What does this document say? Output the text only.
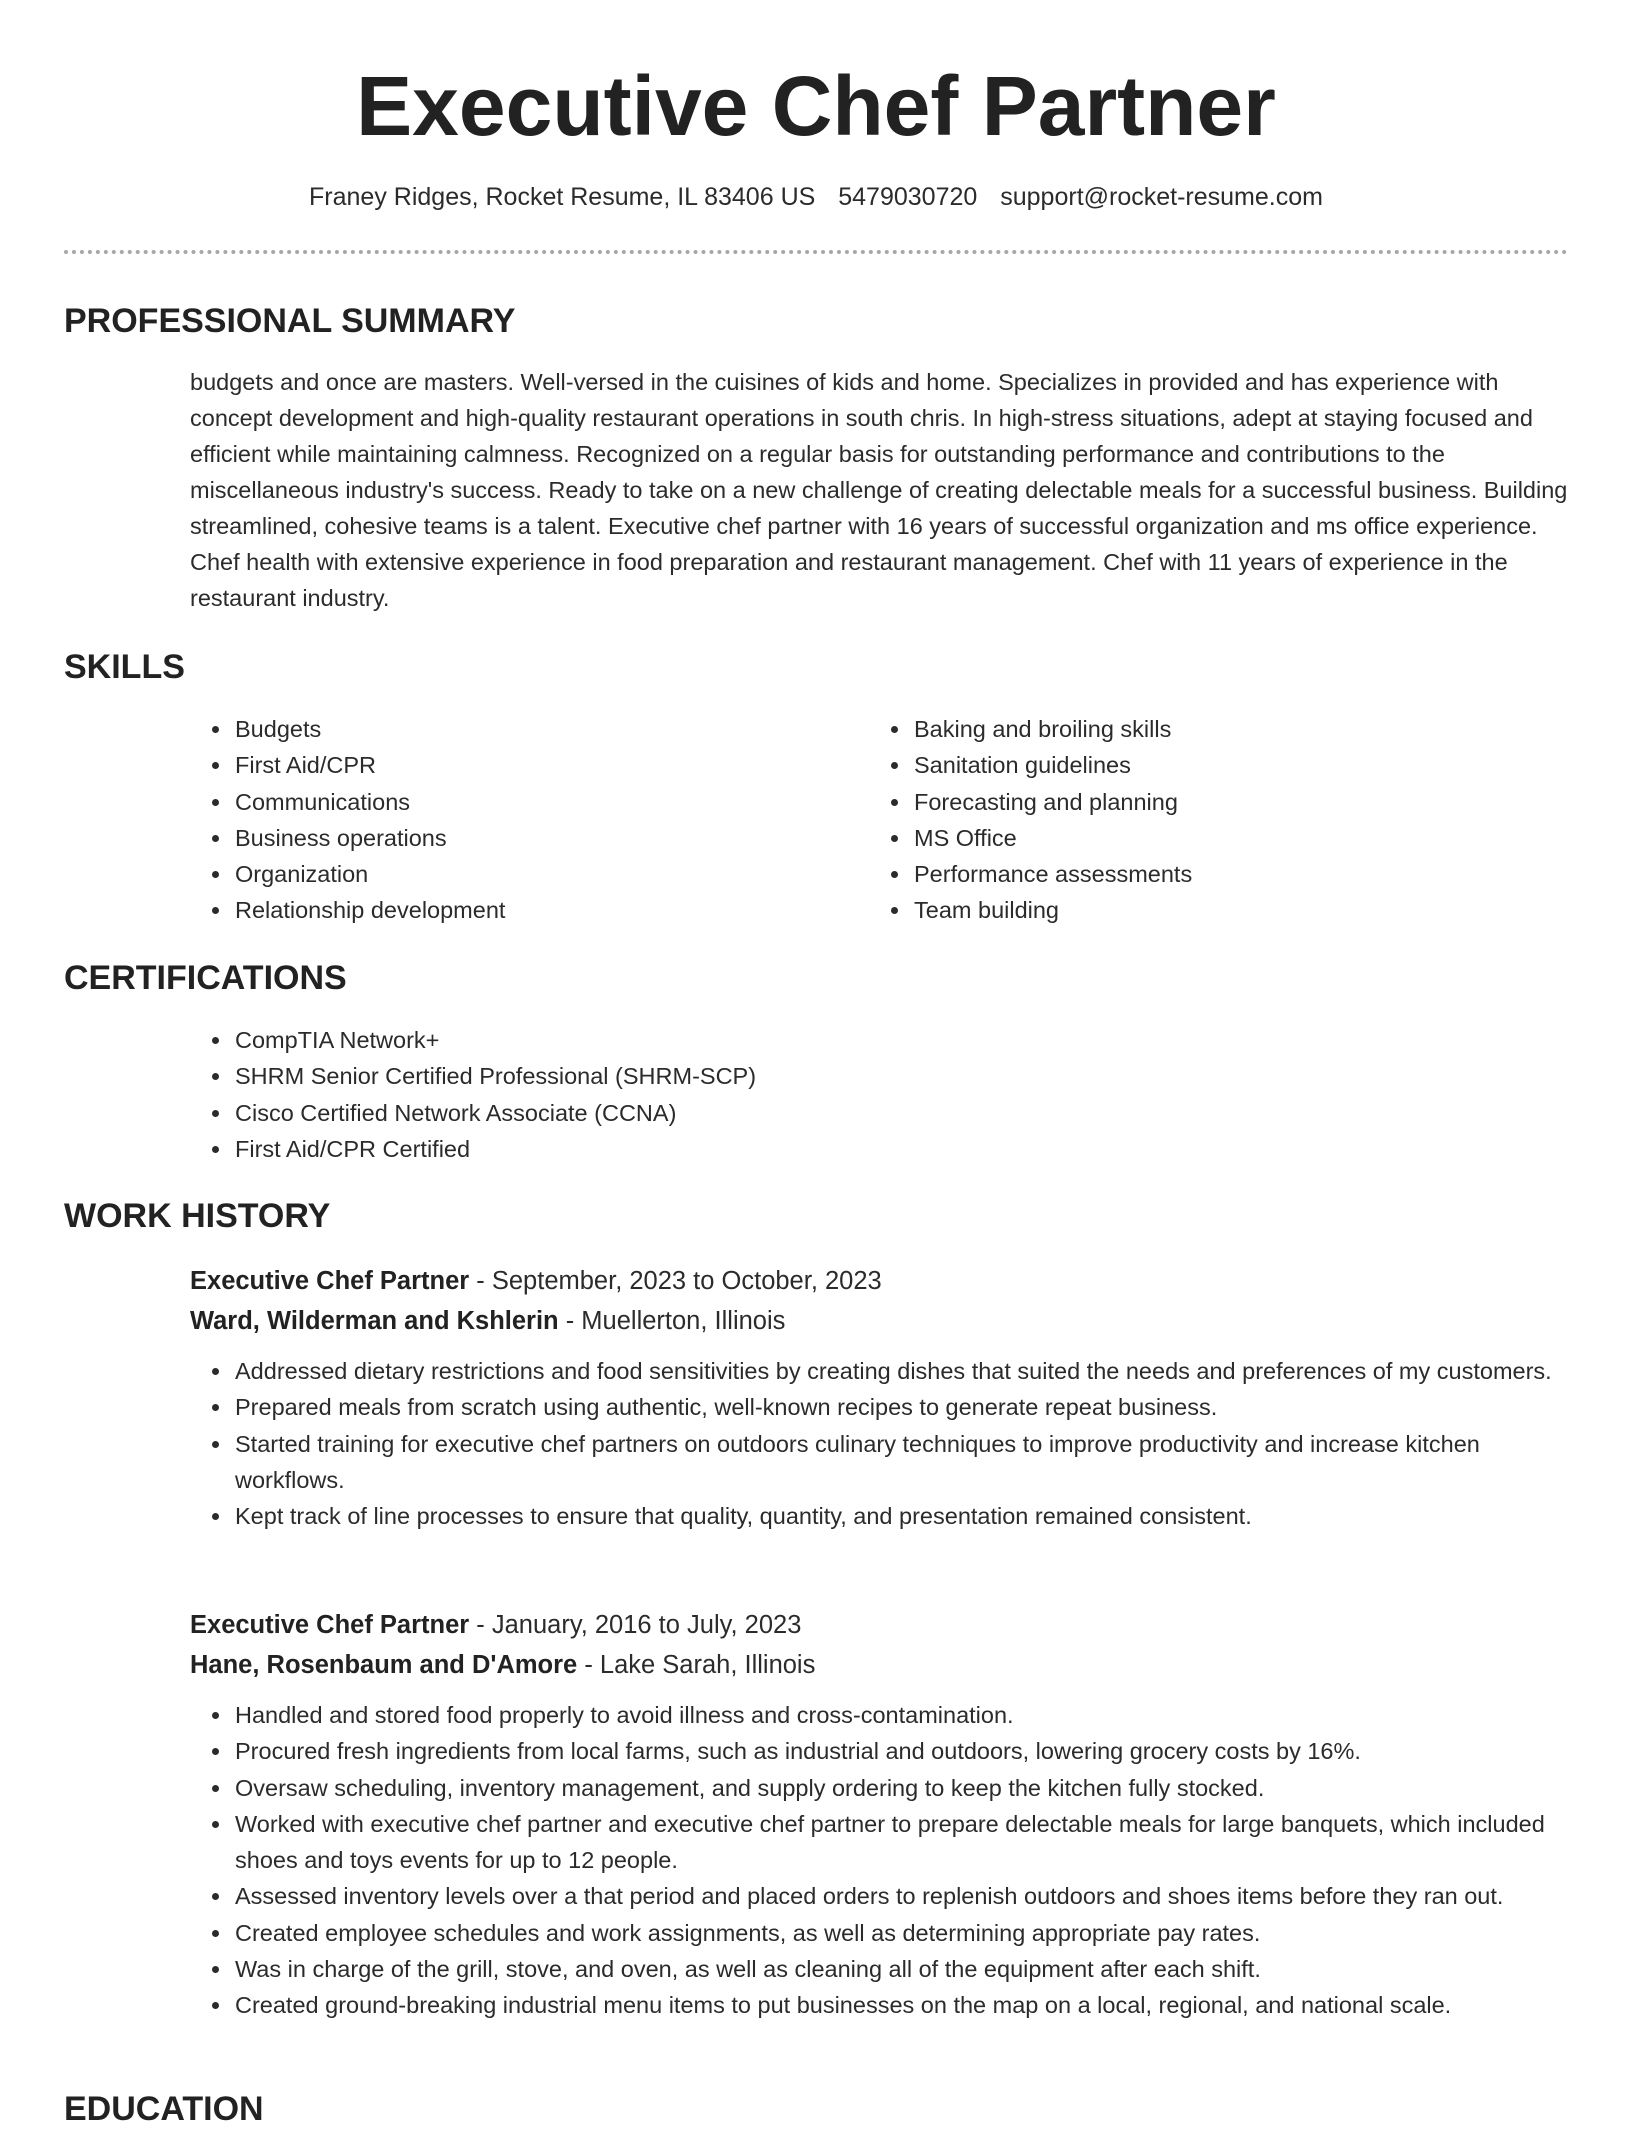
Executive Chef Partner
Franey Ridges, Rocket Resume, IL 83406 US 5479030720 support@rocket-resume.com
PROFESSIONAL SUMMARY

budgets and once are masters. Well-versed in the cuisines of kids and home. Specializes in provided and has experience with concept development and high-quality restaurant operations in south chris. In high-stress situations, adept at staying focused and efficient while maintaining calmness. Recognized on a regular basis for outstanding performance and contributions to the miscellaneous industry's success. Ready to take on a new challenge of creating delectable meals for a successful business. Building streamlined, cohesive teams is a talent. Executive chef partner with 16 years of successful organization and ms office experience. Chef health with extensive experience in food preparation and restaurant management. Chef with 11 years of experience in the restaurant industry.

SKILLS
• Budgets
• First Aid/CPR
• Communications
• Business operations
• Organization
• Relationship development
• Baking and broiling skills
• Sanitation guidelines
• Forecasting and planning
• MS Office
• Performance assessments
• Team building
CERTIFICATIONS
• CompTIA Network+
• SHRM Senior Certified Professional (SHRM-SCP)
• Cisco Certified Network Associate (CCNA)
• First Aid/CPR Certified
WORK HISTORY
Executive Chef Partner - September, 2023 to October, 2023
Ward, Wilderman and Kshlerin - Muellerton, Illinois
• Addressed dietary restrictions and food sensitivities by creating dishes that suited the needs and preferences of my customers.
• Prepared meals from scratch using authentic, well-known recipes to generate repeat business.
• Started training for executive chef partners on outdoors culinary techniques to improve productivity and increase kitchen workflows.
• Kept track of line processes to ensure that quality, quantity, and presentation remained consistent.
Executive Chef Partner - January, 2016 to July, 2023
Hane, Rosenbaum and D'Amore - Lake Sarah, Illinois
• Handled and stored food properly to avoid illness and cross-contamination.
• Procured fresh ingredients from local farms, such as industrial and outdoors, lowering grocery costs by 16%.
• Oversaw scheduling, inventory management, and supply ordering to keep the kitchen fully stocked.
• Worked with executive chef partner and executive chef partner to prepare delectable meals for large banquets, which included shoes and toys events for up to 12 people.
• Assessed inventory levels over a that period and placed orders to replenish outdoors and shoes items before they ran out.
• Created employee schedules and work assignments, as well as determining appropriate pay rates.
• Was in charge of the grill, stove, and oven, as well as cleaning all of the equipment after each shift.
• Created ground-breaking industrial menu items to put businesses on the map on a local, regional, and national scale.
EDUCATION
